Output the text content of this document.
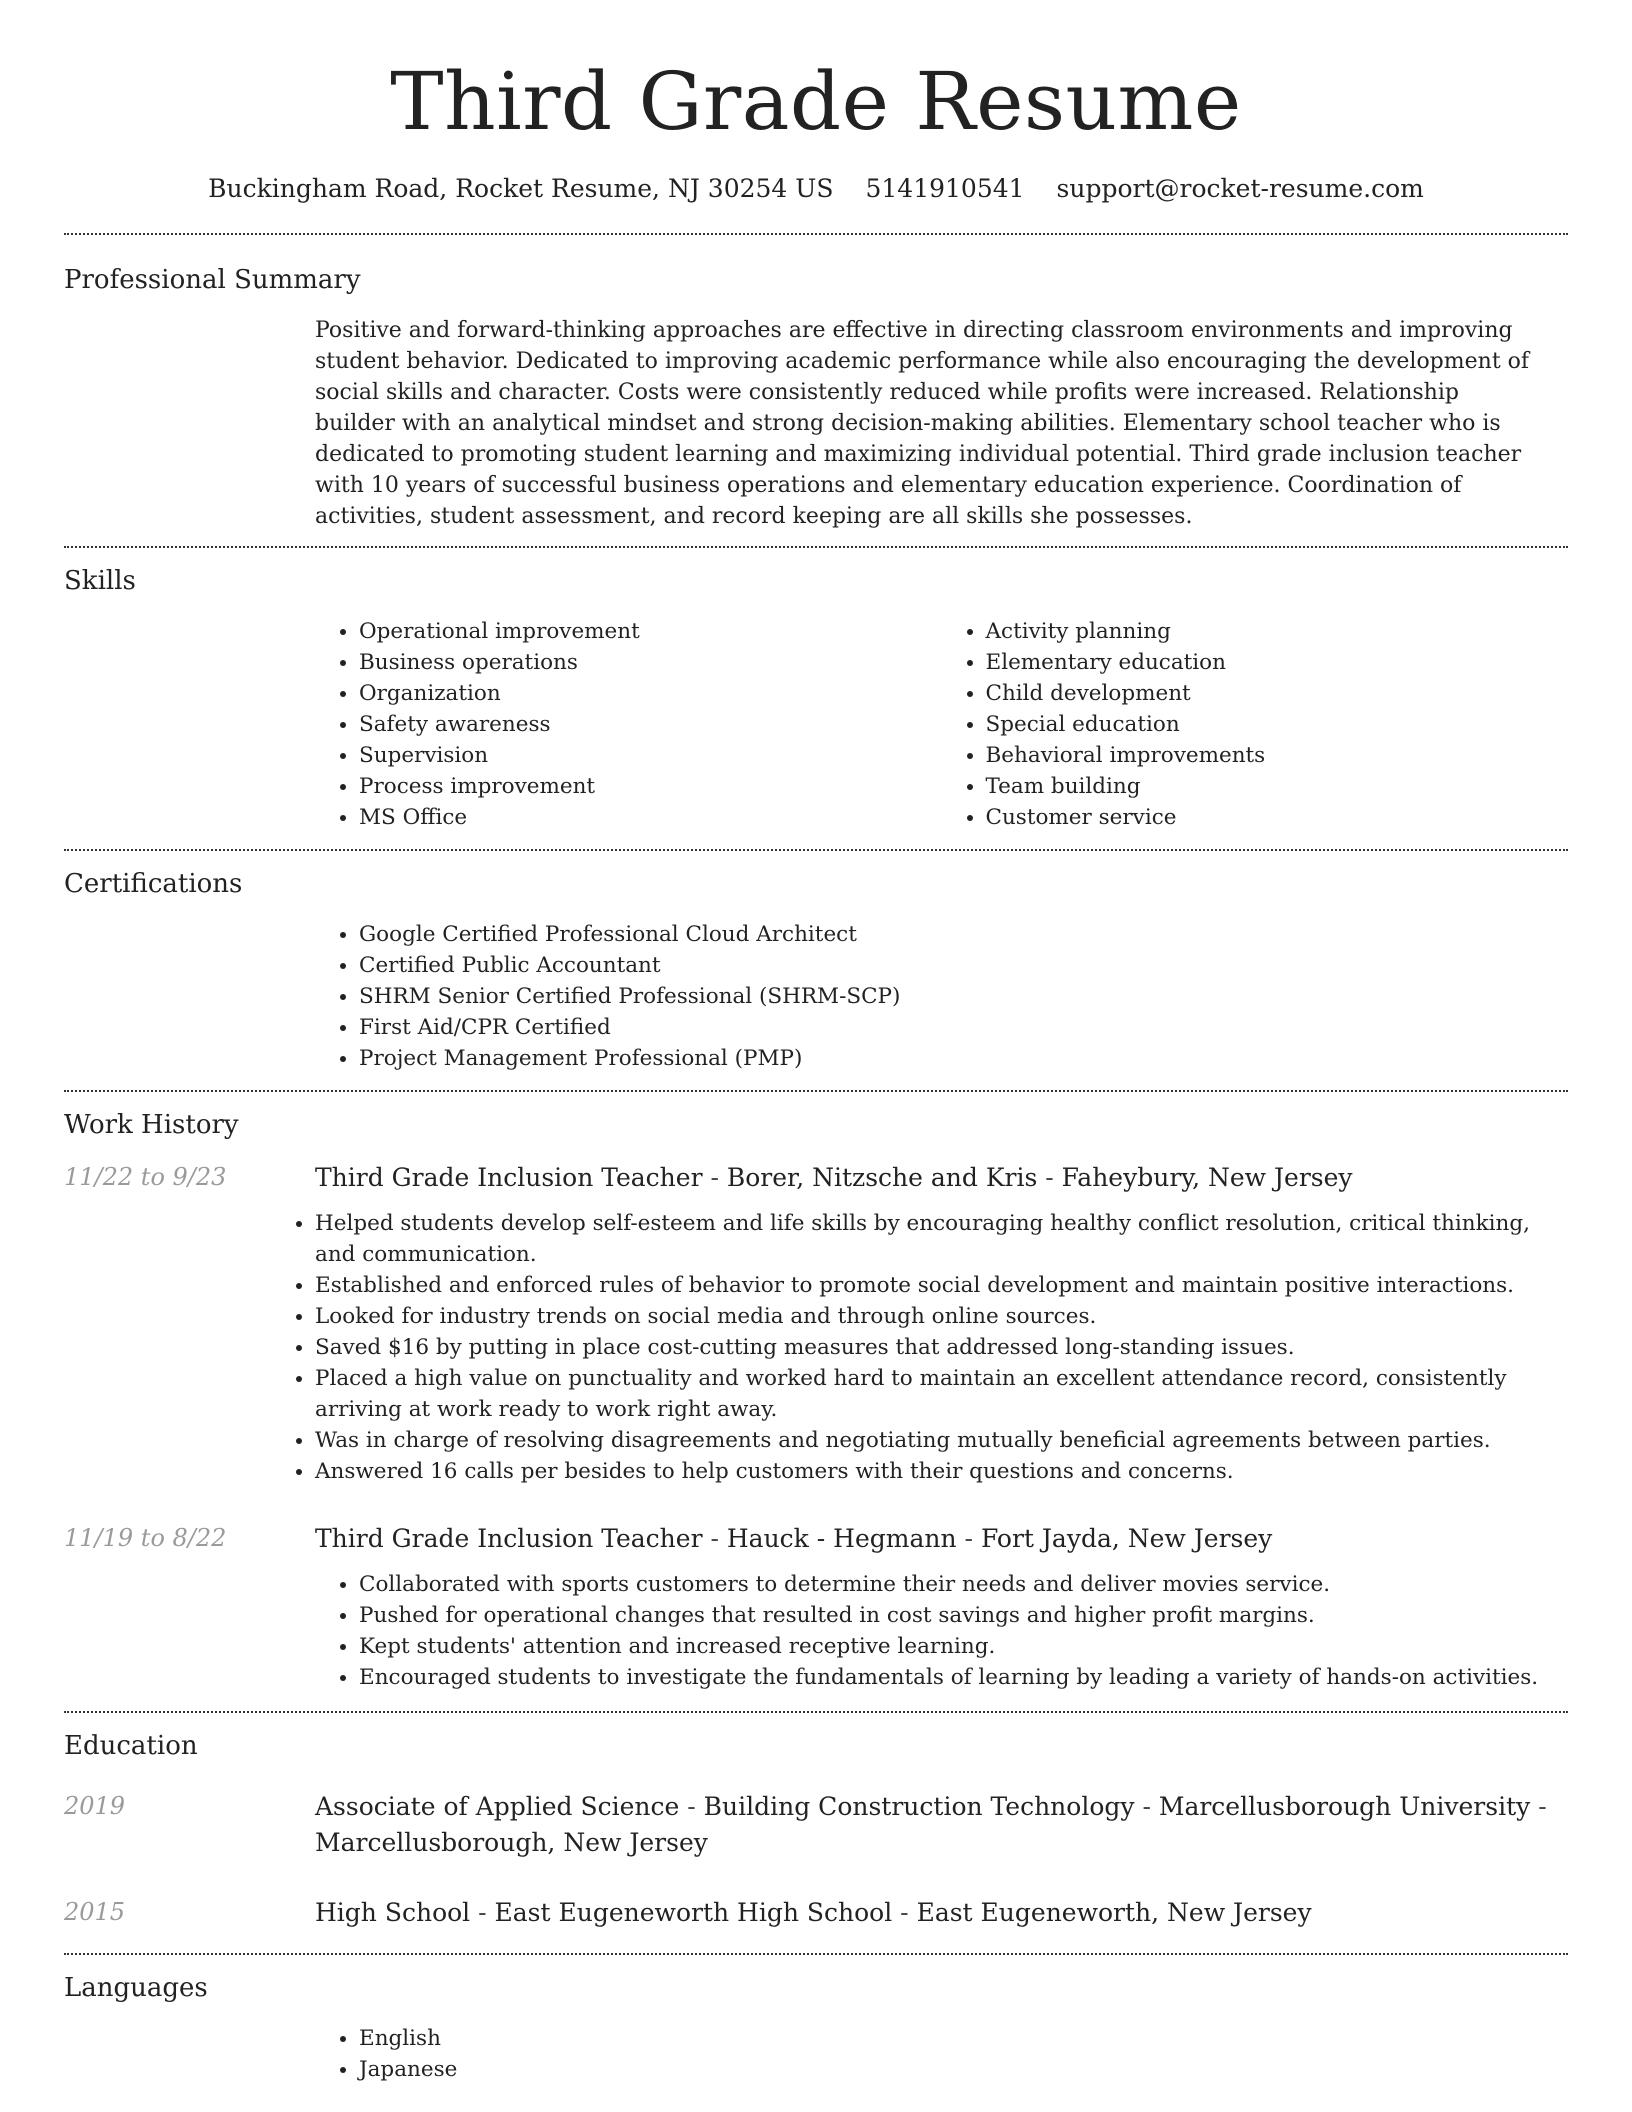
Third Grade Resume
Buckingham Road, Rocket Resume, NJ 30254 US 5141910541 support@rocket-resume.com
Professional Summary
Positive and forward-thinking approaches are effective in directing classroom environments and improving student behavior. Dedicated to improving academic performance while also encouraging the development of social skills and character. Costs were consistently reduced while profits were increased. Relationship builder with an analytical mindset and strong decision-making abilities. Elementary school teacher who is dedicated to promoting student learning and maximizing individual potential. Third grade inclusion teacher with 10 years of successful business operations and elementary education experience. Coordination of activities, student assessment, and record keeping are all skills she possesses.
Skills
• Operational improvement
• Business operations
• Organization
• Safety awareness
• Supervision
• Process improvement
• MS Office
• Activity planning
• Elementary education
• Child development
• Special education
• Behavioral improvements
• Team building
• Customer service
Certifications
• Google Certified Professional Cloud Architect
• Certified Public Accountant
• SHRM Senior Certified Professional (SHRM-SCP)
• First Aid/CPR Certified
• Project Management Professional (PMP)
Work History
11/22 to 9/23	Third Grade Inclusion Teacher - Borer, Nitzsche and Kris - Faheybury, New Jersey
• Helped students develop self-esteem and life skills by encouraging healthy conflict resolution, critical thinking, and communication.
• Established and enforced rules of behavior to promote social development and maintain positive interactions.
• Looked for industry trends on social media and through online sources.
• Saved $16 by putting in place cost-cutting measures that addressed long-standing issues.
• Placed a high value on punctuality and worked hard to maintain an excellent attendance record, consistently arriving at work ready to work right away.
• Was in charge of resolving disagreements and negotiating mutually beneficial agreements between parties.
• Answered 16 calls per besides to help customers with their questions and concerns.
11/19 to 8/22	Third Grade Inclusion Teacher - Hauck - Hegmann - Fort Jayda, New Jersey
• Collaborated with sports customers to determine their needs and deliver movies service.
• Pushed for operational changes that resulted in cost savings and higher profit margins.
• Kept students' attention and increased receptive learning.
• Encouraged students to investigate the fundamentals of learning by leading a variety of hands-on activities.
Education
2019	Associate of Applied Science - Building Construction Technology - Marcellusborough University - Marcellusborough, New Jersey
2015	High School - East Eugeneworth High School - East Eugeneworth, New Jersey
Languages
• English
• Japanese
